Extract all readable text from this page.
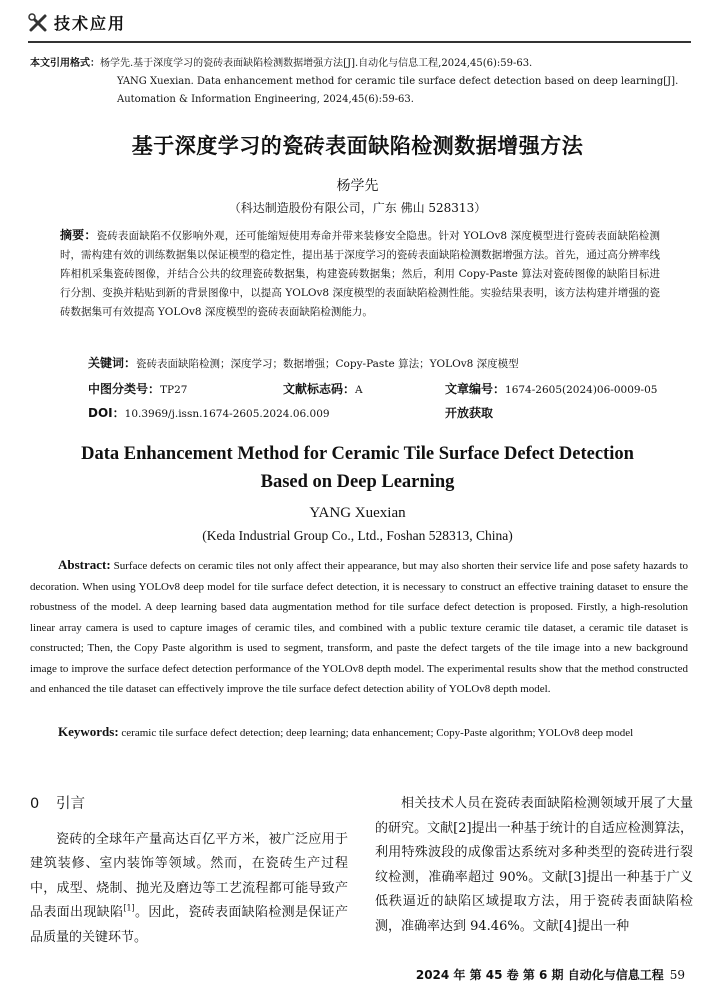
技术应用
本文引用格式：杨学先.基于深度学习的瓷砖表面缺陷检测数据增强方法[J].自动化与信息工程,2024,45(6):59-63.
YANG Xuexian. Data enhancement method for ceramic tile surface defect detection based on deep learning[J].
Automation & Information Engineering, 2024,45(6):59-63.
基于深度学习的瓷砖表面缺陷检测数据增强方法
杨学先
（科达制造股份有限公司，广东 佛山 528313）
摘要：瓷砖表面缺陷不仅影响外观，还可能缩短使用寿命并带来装修安全隐患。针对 YOLOv8 深度模型进行瓷砖表面缺陷检测时，需构建有效的训练数据集以保证模型的稳定性，提出基于深度学习的瓷砖表面缺陷检测数据增强方法。首先，通过高分辨率线阵相机采集瓷砖图像，并结合公共的纹理瓷砖数据集，构建瓷砖数据集；然后，利用 Copy-Paste 算法对瓷砖图像的缺陷目标进行分割、变换并粘贴到新的背景图像中，以提高 YOLOv8 深度模型的表面缺陷检测性能。实验结果表明，该方法构建并增强的瓷砖数据集可有效提高 YOLOv8 深度模型的瓷砖表面缺陷检测能力。
关键词：瓷砖表面缺陷检测；深度学习；数据增强；Copy-Paste 算法；YOLOv8 深度模型
中图分类号：TP27	文献标志码：A	文章编号：1674-2605(2024)06-0009-05
DOI：10.3969/j.issn.1674-2605.2024.06.009	开放获取
Data Enhancement Method for Ceramic Tile Surface Defect Detection
Based on Deep Learning
YANG Xuexian
(Keda Industrial Group Co., Ltd., Foshan 528313, China)
Abstract: Surface defects on ceramic tiles not only affect their appearance, but may also shorten their service life and pose safety hazards to decoration. When using YOLOv8 deep model for tile surface defect detection, it is necessary to construct an effective training dataset to ensure the robustness of the model. A deep learning based data augmentation method for tile surface defect detection is proposed. Firstly, a high-resolution linear array camera is used to capture images of ceramic tiles, and combined with a public texture ceramic tile dataset, a ceramic tile dataset is constructed; Then, the Copy Paste algorithm is used to segment, transform, and paste the defect targets of the tile image into a new background image to improve the surface defect detection performance of the YOLOv8 depth model. The experimental results show that the method constructed and enhanced the tile dataset can effectively improve the tile surface defect detection ability of YOLOv8 depth model.
Keywords: ceramic tile surface defect detection; deep learning; data enhancement; Copy-Paste algorithm; YOLOv8 deep model
0 引言
瓷砖的全球年产量高达百亿平方米，被广泛应用于建筑装修、室内装饰等领域。然而，在瓷砖生产过程中，成型、烧制、抛光及磨边等工艺流程都可能导致产品表面出现缺陷[1]。因此，瓷砖表面缺陷检测是保证产品质量的关键环节。
相关技术人员在瓷砖表面缺陷检测领域开展了大量的研究。文献[2]提出一种基于统计的自适应检测算法，利用特殊波段的成像雷达系统对多种类型的瓷砖进行裂纹检测，准确率超过 90%。文献[3]提出一种基于广义低秩逼近的缺陷区域提取方法，用于瓷砖表面缺陷检测，准确率达到 94.46%。文献[4]提出一种
2024 年 第 45 卷 第 6 期 自动化与信息工程 59
